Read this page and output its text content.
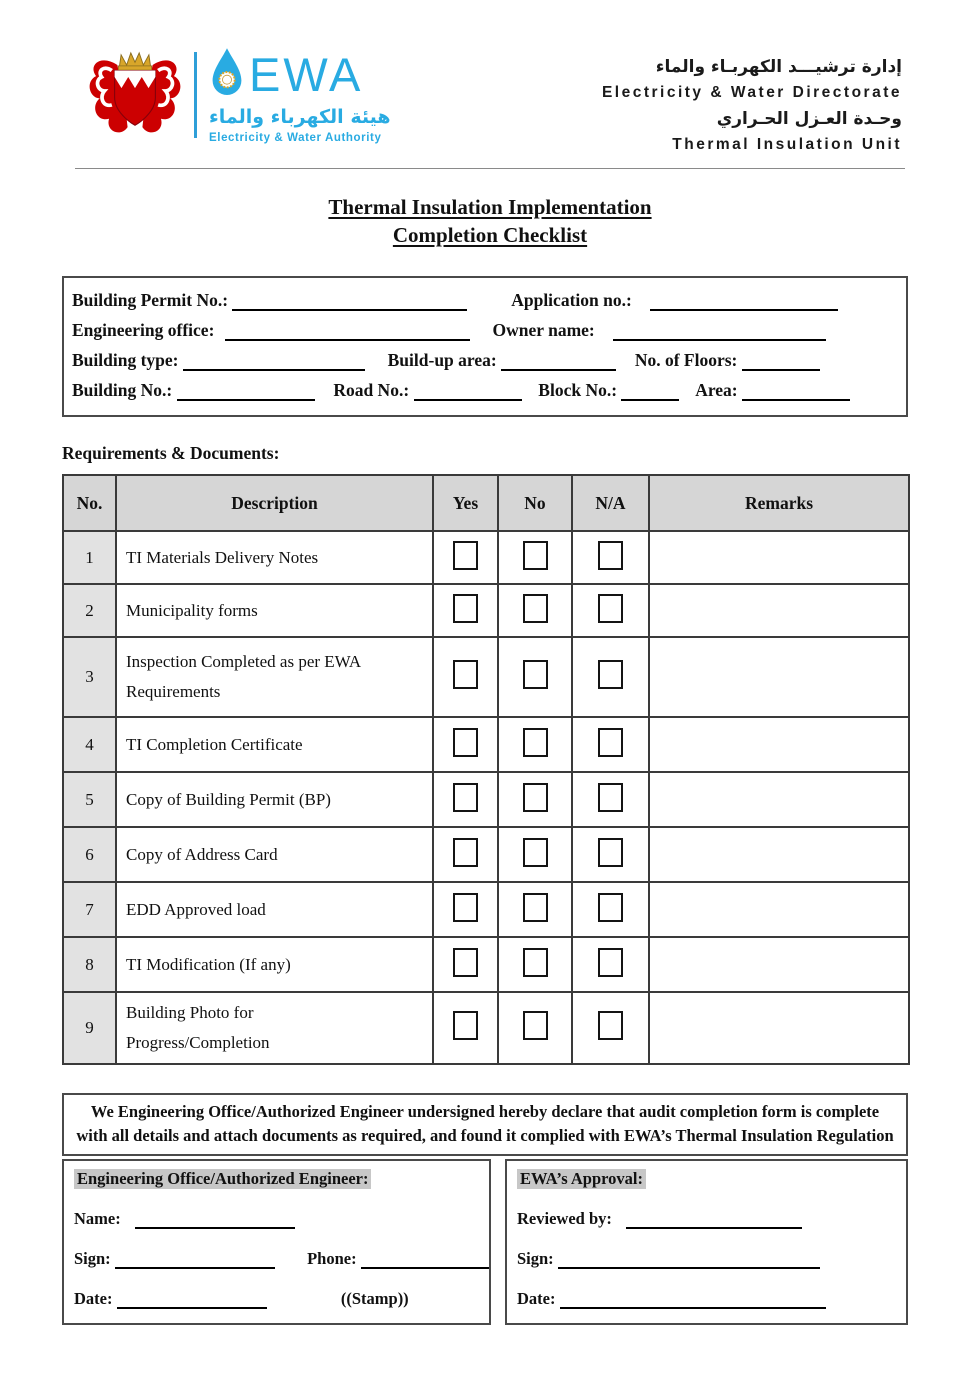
EWA
هيئة الكهرباء والماء
Electricity & Water Authority
إدارة ترشيـــد الكهربـاء والماء
Electricity & Water Directorate
وحـدة العـزل الحـراري
Thermal Insulation Unit
Thermal Insulation Implementation
Completion Checklist
Building Permit No.:	Application no.:
Engineering office:	Owner name:
Building type:	Build-up area:	No. of Floors:
Building No.:	Road No.:	Block No.:	Area:
Requirements & Documents:
No.	Description	Yes	No	N/A	Remarks
1	TI Materials Delivery Notes				
2	Municipality forms				
3	Inspection Completed as per EWA Requirements				
4	TI Completion Certificate				
5	Copy of Building Permit (BP)				
6	Copy of Address Card				
7	EDD Approved load				
8	TI Modification (If any)				
9	Building Photo for Progress/Completion				
We Engineering Office/Authorized Engineer undersigned hereby declare that audit completion form is complete with all details and attach documents as required, and found it complied with EWA’s Thermal Insulation Regulation
Engineering Office/Authorized Engineer:
Name:
Sign:	Phone:
Date:	((Stamp))
EWA’s Approval:
Reviewed by:
Sign:
Date:
